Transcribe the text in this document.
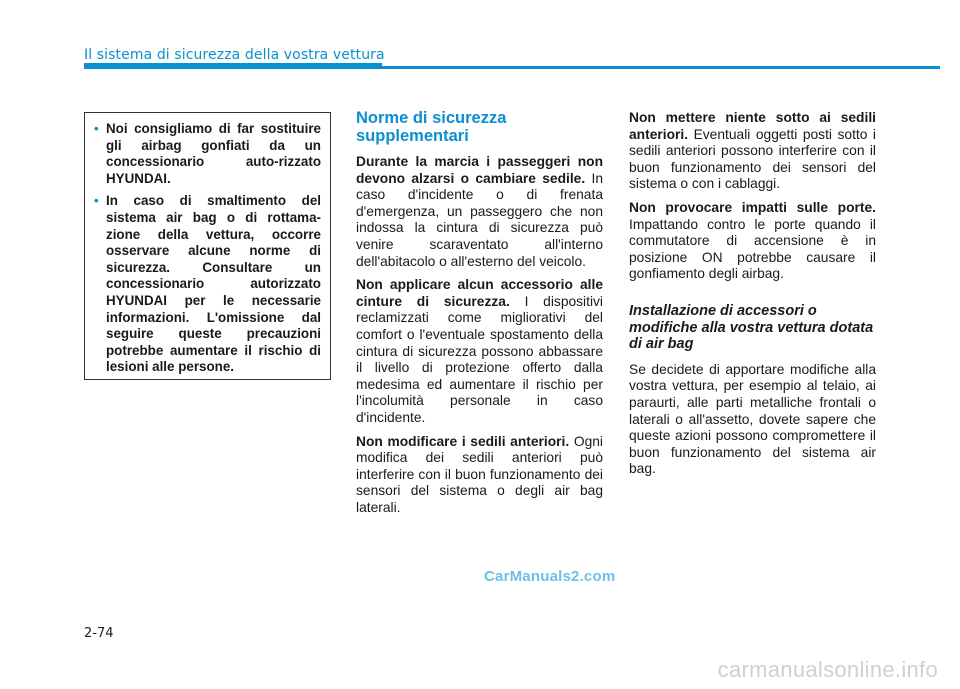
Il sistema di sicurezza della vostra vettura
• Noi consigliamo di far sostituire gli airbag gonfiati da un concessionario auto-rizzato HYUNDAI.
• In caso di smaltimento del sistema air bag o di rottama-zione della vettura, occorre osservare alcune norme di sicurezza. Consultare un concessionario autorizzato HYUNDAI per le necessarie informazioni. L'omissione dal seguire queste precauzioni potrebbe aumentare il rischio di lesioni alle persone.
Norme di sicurezza supplementari

Durante la marcia i passeggeri non devono alzarsi o cambiare sedile. In caso d'incidente o di frenata d'emergenza, un passeggero che non indossa la cintura di sicurezza può venire scaraventato all'interno dell'abitacolo o all'esterno del veicolo.

Non applicare alcun accessorio alle cinture di sicurezza. I dispositivi reclamizzati come migliorativi del comfort o l'eventuale spostamento della cintura di sicurezza possono abbassare il livello di protezione offerto dalla medesima ed aumentare il rischio per l'incolumità personale in caso d'incidente.

Non modificare i sedili anteriori. Ogni modifica dei sedili anteriori può interferire con il buon funzionamento dei sensori del sistema o degli air bag laterali.

Non mettere niente sotto ai sedili anteriori. Eventuali oggetti posti sotto i sedili anteriori possono interferire con il buon funzionamento dei sensori del sistema o con i cablaggi.

Non provocare impatti sulle porte. Impattando contro le porte quando il commutatore di accensione è in posizione ON potrebbe causare il gonfiamento degli airbag.

Installazione di accessori o modifiche alla vostra vettura dotata di air bag

Se decidete di apportare modifiche alla vostra vettura, per esempio al telaio, ai paraurti, alle parti metalliche frontali o laterali o all'assetto, dovete sapere che queste azioni possono compromettere il buon funzionamento del sistema air bag.

CarManuals2.com
2-74
carmanualsonline.info
